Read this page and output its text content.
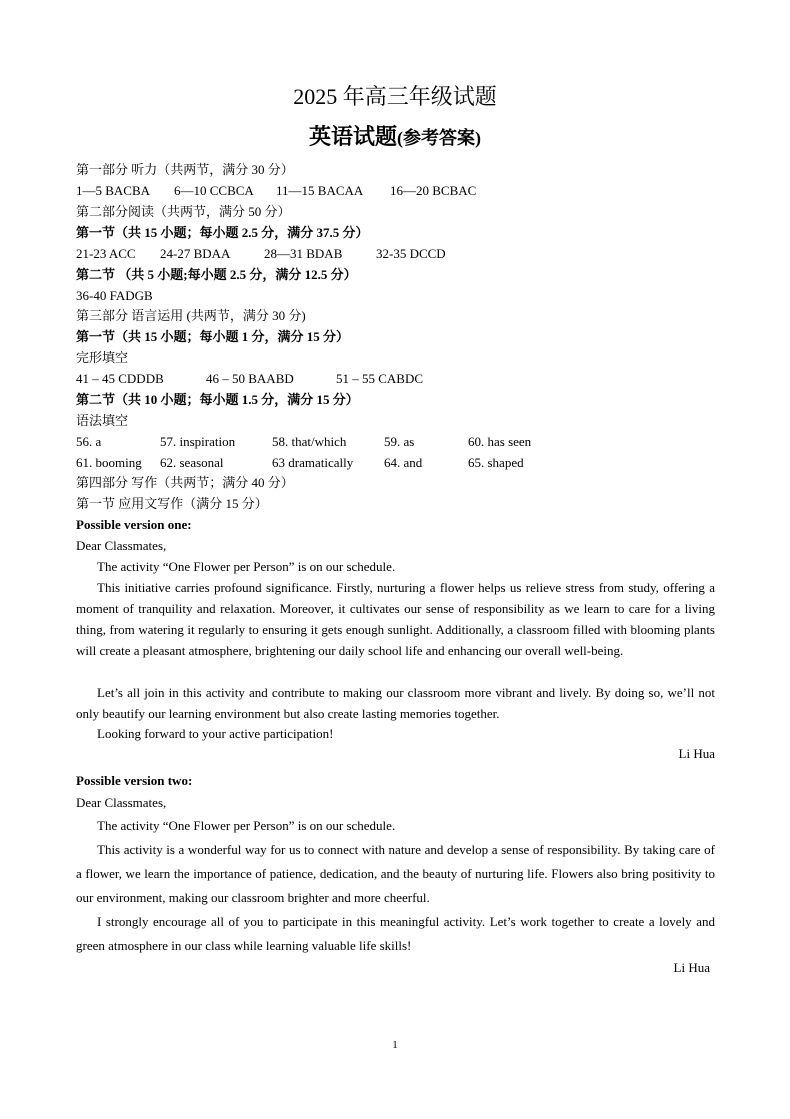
2025 年高三年级试题
英语试题(参考答案)
第一部分 听力（共两节，满分 30 分）
1—5 BACBA 6—10 CCBCA 11—15 BACAA 16—20 BCBAC
第二部分阅读（共两节，满分 50 分）
第一节（共 15 小题；每小题 2.5 分，满分 37.5 分）
21-23 ACC 24-27 BDAA	28—31 BDAB	32-35 DCCD
第二节 （共 5 小题;每小题 2.5 分，满分 12.5 分）
36-40 FADGB
第三部分 语言运用 (共两节，满分 30 分)
第一节（共 15 小题；每小题 1 分，满分 15 分）
完形填空
41 – 45 CDDDB	46 – 50 BAABD	51 – 55 CABDC
第二节（共 10 小题；每小题 1.5 分，满分 15 分）
语法填空
56. a	57. inspiration	58. that/which	59. as	60. has seen
61. booming 62. seasonal	63 dramatically 64. and	65. shaped
第四部分 写作（共两节；满分 40 分）
第一节 应用文写作（满分 15 分）
Possible version one:
Dear Classmates,
The activity “One Flower per Person” is on our schedule.
This initiative carries profound significance. Firstly, nurturing a flower helps us relieve stress from study, offering a moment of tranquility and relaxation. Moreover, it cultivates our sense of responsibility as we learn to care for a living thing, from watering it regularly to ensuring it gets enough sunlight. Additionally, a classroom filled with blooming plants will create a pleasant atmosphere, brightening our daily school life and enhancing our overall well-being.
Let’s all join in this activity and contribute to making our classroom more vibrant and lively. By doing so, we’ll not only beautify our learning environment but also create lasting memories together.
Looking forward to your active participation!
Li Hua
Possible version two:
Dear Classmates,
The activity “One Flower per Person” is on our schedule.
This activity is a wonderful way for us to connect with nature and develop a sense of responsibility. By taking care of a flower, we learn the importance of patience, dedication, and the beauty of nurturing life. Flowers also bring positivity to our environment, making our classroom brighter and more cheerful.
I strongly encourage all of you to participate in this meaningful activity. Let’s work together to create a lovely and green atmosphere in our class while learning valuable life skills!
Li Hua
1
